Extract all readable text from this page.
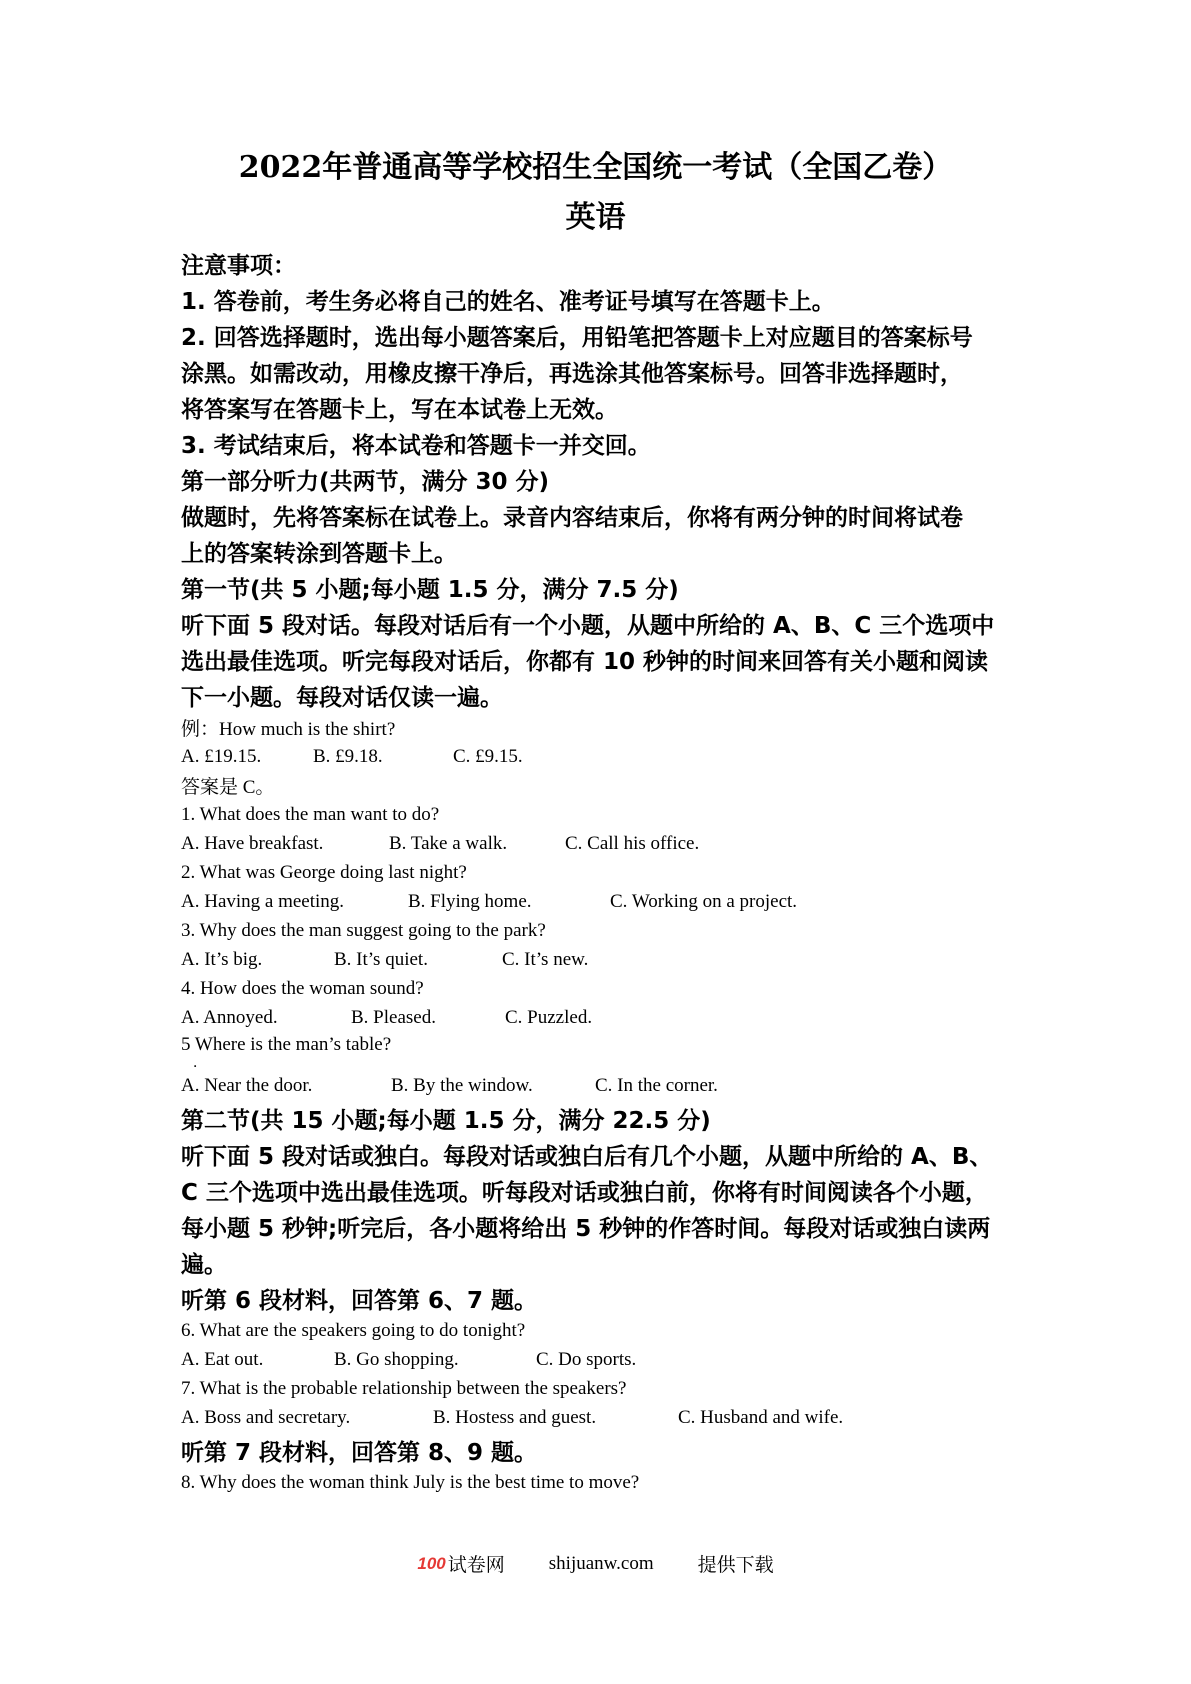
2022年普通高等学校招生全国统一考试（全国乙卷）
英语
注意事项：
1. 答卷前，考生务必将自己的姓名、准考证号填写在答题卡上。
2. 回答选择题时，选出每小题答案后，用铅笔把答题卡上对应题目的答案标号
涂黑。如需改动，用橡皮擦干净后，再选涂其他答案标号。回答非选择题时，
将答案写在答题卡上，写在本试卷上无效。
3. 考试结束后，将本试卷和答题卡一并交回。
第一部分听力(共两节，满分 30 分)
做题时，先将答案标在试卷上。录音内容结束后，你将有两分钟的时间将试卷
上的答案转涂到答题卡上。
第一节(共 5 小题;每小题 1.5 分，满分 7.5 分)
听下面 5 段对话。每段对话后有一个小题，从题中所给的 A、B、C 三个选项中
选出最佳选项。听完每段对话后，你都有 10 秒钟的时间来回答有关小题和阅读
下一小题。每段对话仅读一遍。
例：How much is the shirt?
A. £19.15.	B. £9.18.	C. £9.15.
答案是 C。
1. What does the man want to do?
A. Have breakfast.	B. Take a walk.	C. Call his office.
2. What was George doing last night?
A. Having a meeting.	B. Flying home.	C. Working on a project.
3. Why does the man suggest going to the park?
A. It’s big.	B. It’s quiet.	C. It’s new.
4. How does the woman sound?
A. Annoyed.	B. Pleased.	C. Puzzled.
5 Where is the man’s table?
．
A. Near the door.	B. By the window.	C. In the corner.
第二节(共 15 小题;每小题 1.5 分，满分 22.5 分)
听下面 5 段对话或独白。每段对话或独白后有几个小题，从题中所给的 A、B、
C 三个选项中选出最佳选项。听每段对话或独白前，你将有时间阅读各个小题，
每小题 5 秒钟;听完后，各小题将给出 5 秒钟的作答时间。每段对话或独白读两
遍。
听第 6 段材料，回答第 6、7 题。
6. What are the speakers going to do tonight?
A. Eat out.	B. Go shopping.	C. Do sports.
7. What is the probable relationship between the speakers?
A. Boss and secretary.	B. Hostess and guest.	C. Husband and wife.
听第 7 段材料，回答第 8、9 题。
8. Why does the woman think July is the best time to move?
100 试卷网 shijuanw.com 提供下载
